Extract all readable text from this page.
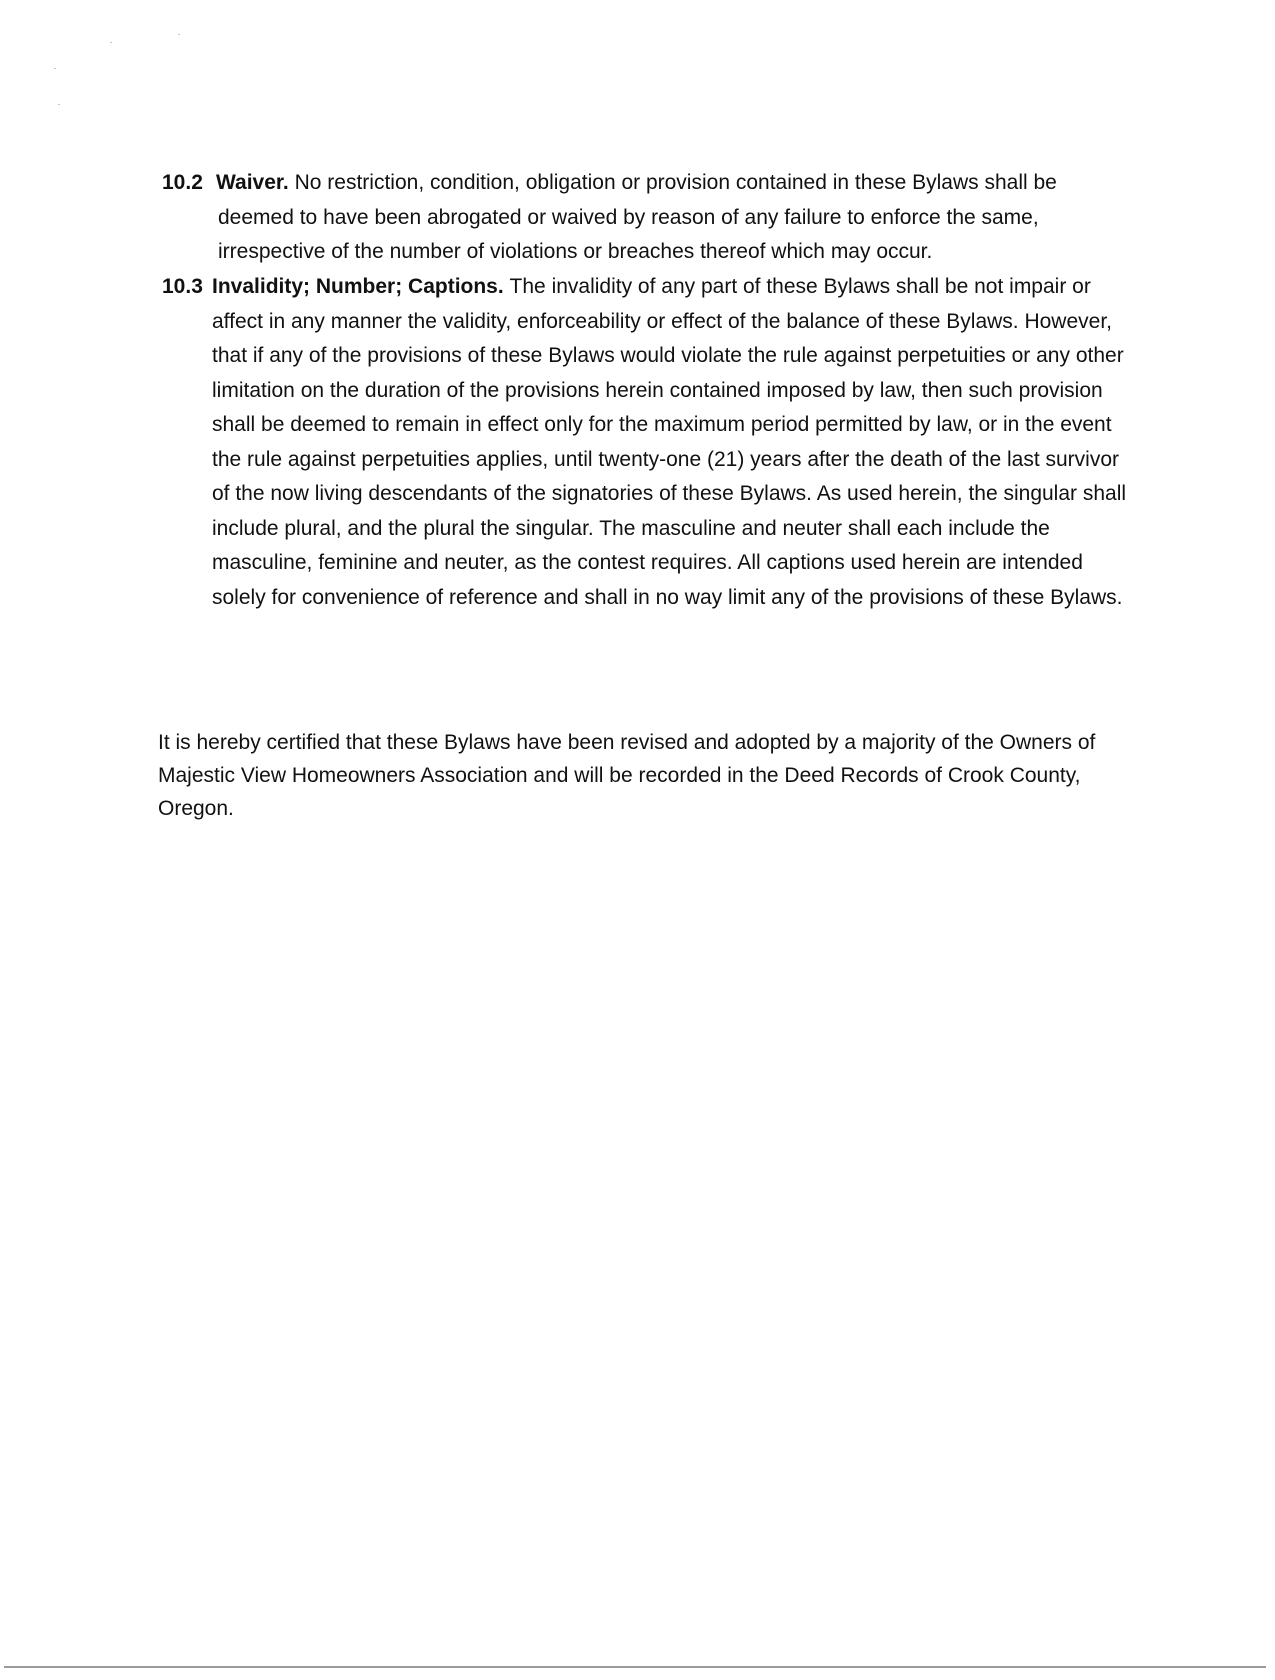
10.2 Waiver. No restriction, condition, obligation or provision contained in these Bylaws shall be deemed to have been abrogated or waived by reason of any failure to enforce the same, irrespective of the number of violations or breaches thereof which may occur.

10.3 Invalidity; Number; Captions. The invalidity of any part of these Bylaws shall be not impair or affect in any manner the validity, enforceability or effect of the balance of these Bylaws. However, that if any of the provisions of these Bylaws would violate the rule against perpetuities or any other limitation on the duration of the provisions herein contained imposed by law, then such provision shall be deemed to remain in effect only for the maximum period permitted by law, or in the event the rule against perpetuities applies, until twenty-one (21) years after the death of the last survivor of the now living descendants of the signatories of these Bylaws. As used herein, the singular shall include plural, and the plural the singular. The masculine and neuter shall each include the masculine, feminine and neuter, as the contest requires. All captions used herein are intended solely for convenience of reference and shall in no way limit any of the provisions of these Bylaws.

It is hereby certified that these Bylaws have been revised and adopted by a majority of the Owners of Majestic View Homeowners Association and will be recorded in the Deed Records of Crook County, Oregon.
